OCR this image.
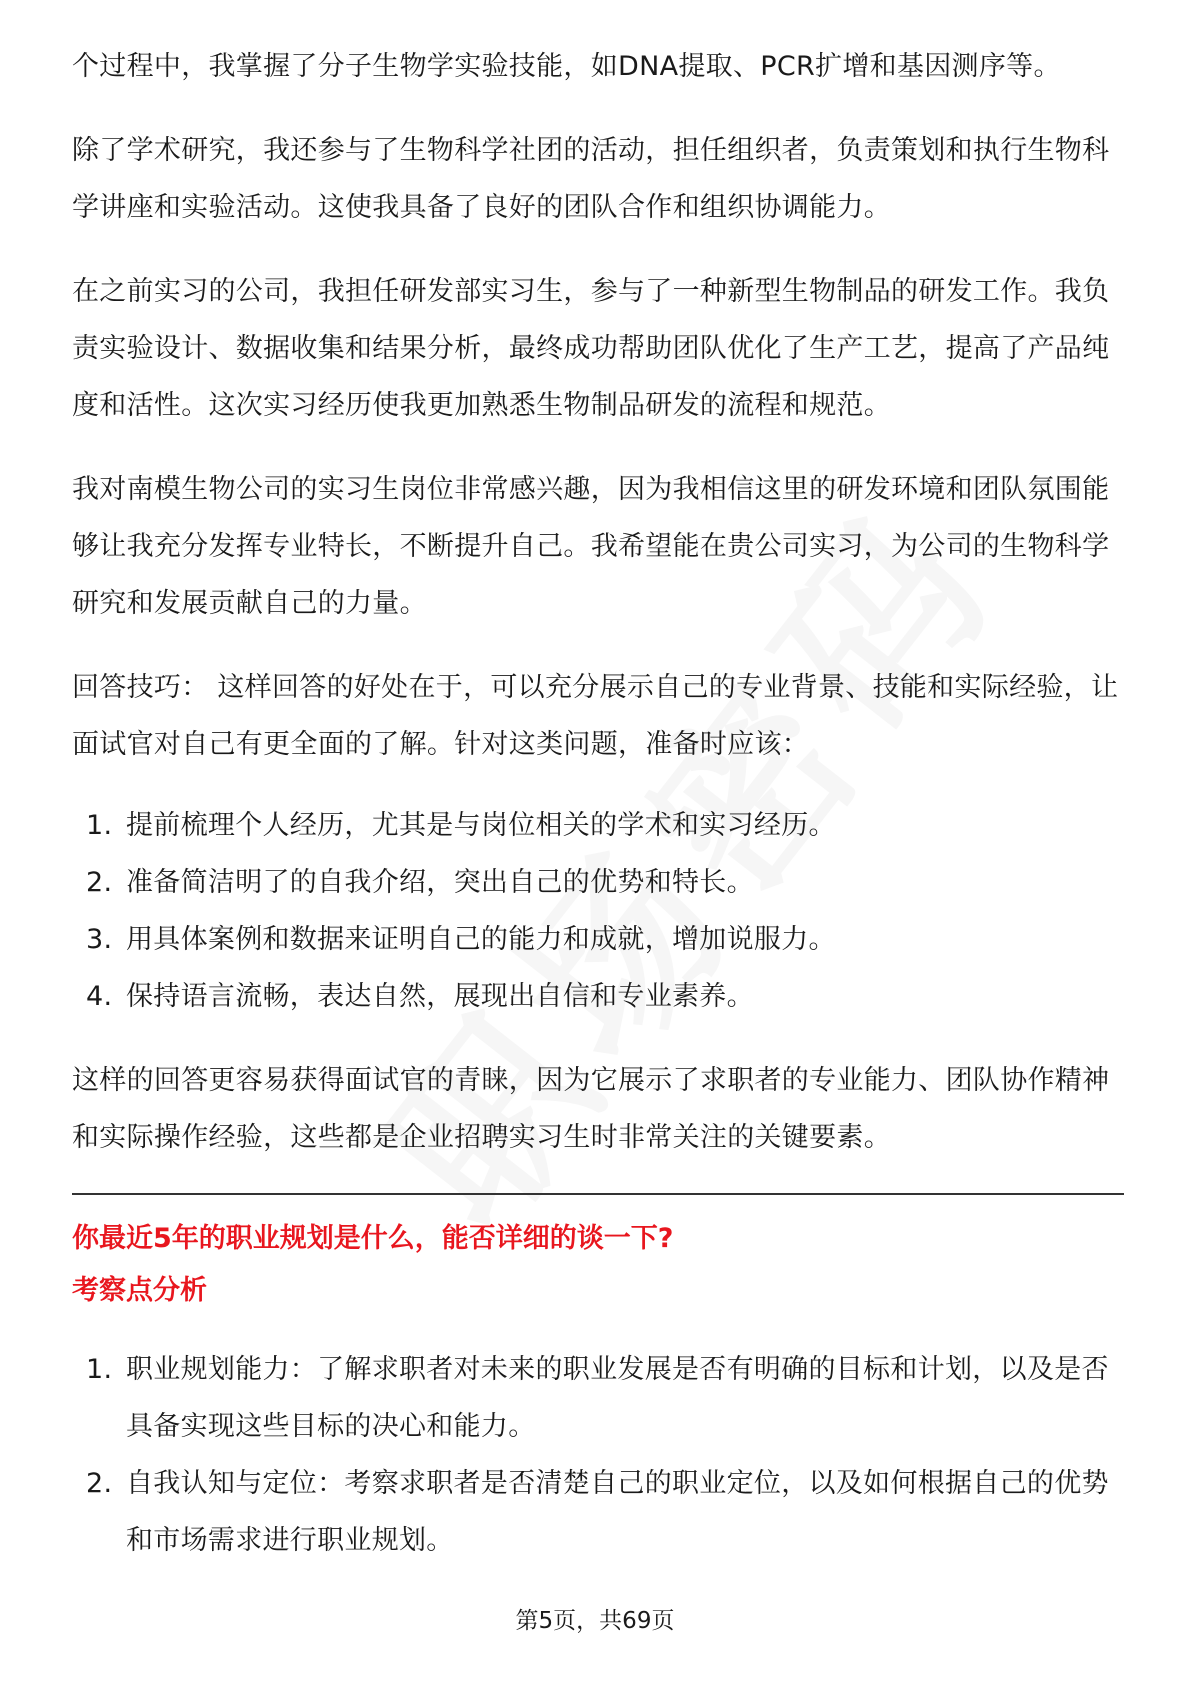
个过程中，我掌握了分子生物学实验技能，如DNA提取、PCR扩增和基因测序等。

除了学术研究，我还参与了生物科学社团的活动，担任组织者，负责策划和执行生物科学讲座和实验活动。这使我具备了良好的团队合作和组织协调能力。

在之前实习的公司，我担任研发部实习生，参与了一种新型生物制品的研发工作。我负责实验设计、数据收集和结果分析，最终成功帮助团队优化了生产工艺，提高了产品纯度和活性。这次实习经历使我更加熟悉生物制品研发的流程和规范。

我对南模生物公司的实习生岗位非常感兴趣，因为我相信这里的研发环境和团队氛围能够让我充分发挥专业特长，不断提升自己。我希望能在贵公司实习，为公司的生物科学研究和发展贡献自己的力量。

回答技巧： 这样回答的好处在于，可以充分展示自己的专业背景、技能和实际经验，让面试官对自己有更全面的了解。针对这类问题，准备时应该：

1. 提前梳理个人经历，尤其是与岗位相关的学术和实习经历。
2. 准备简洁明了的自我介绍，突出自己的优势和特长。
3. 用具体案例和数据来证明自己的能力和成就，增加说服力。
4. 保持语言流畅，表达自然，展现出自信和专业素养。

这样的回答更容易获得面试官的青睐，因为它展示了求职者的专业能力、团队协作精神和实际操作经验，这些都是企业招聘实习生时非常关注的关键要素。

你最近5年的职业规划是什么，能否详细的谈一下?

考察点分析

1. 职业规划能力：了解求职者对未来的职业发展是否有明确的目标和计划，以及是否具备实现这些目标的决心和能力。
2. 自我认知与定位：考察求职者是否清楚自己的职业定位，以及如何根据自己的优势和市场需求进行职业规划。
第5页，共69页
